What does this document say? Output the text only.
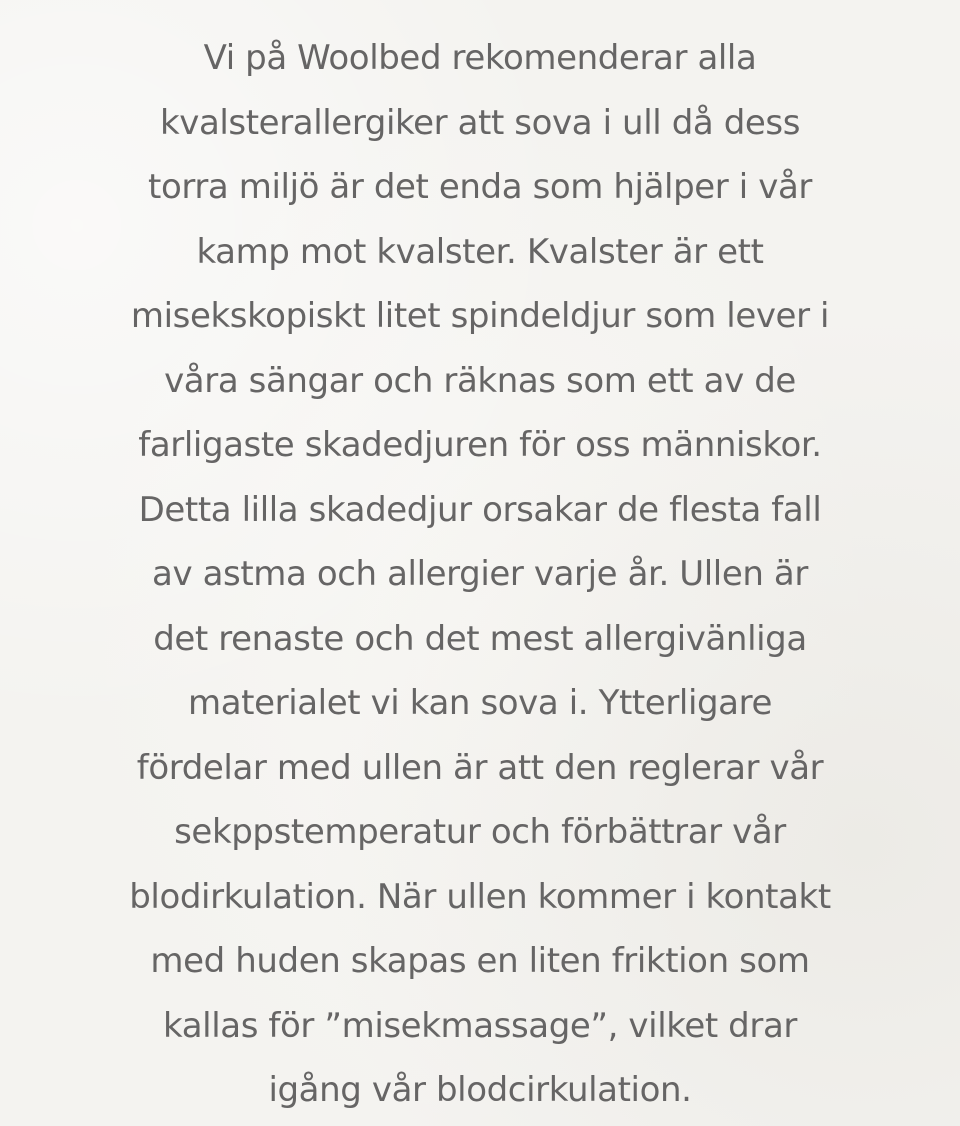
Vi på Woolbed rekomenderar alla
kvalsterallergiker att sova i ull då dess
torra miljö är det enda som hjälper i vår
kamp mot kvalster. Kvalster är ett
misekskopiskt litet spindeldjur som lever i
våra sängar och räknas som ett av de
farligaste skadedjuren för oss människor.
Detta lilla skadedjur orsakar de flesta fall
av astma och allergier varje år. Ullen är
det renaste och det mest allergivänliga
materialet vi kan sova i. Ytterligare
fördelar med ullen är att den reglerar vår
sekppstemperatur och förbättrar vår
blodirkulation. När ullen kommer i kontakt
med huden skapas en liten friktion som
kallas för ”misekmassage”, vilket drar
igång vår blodcirkulation.
